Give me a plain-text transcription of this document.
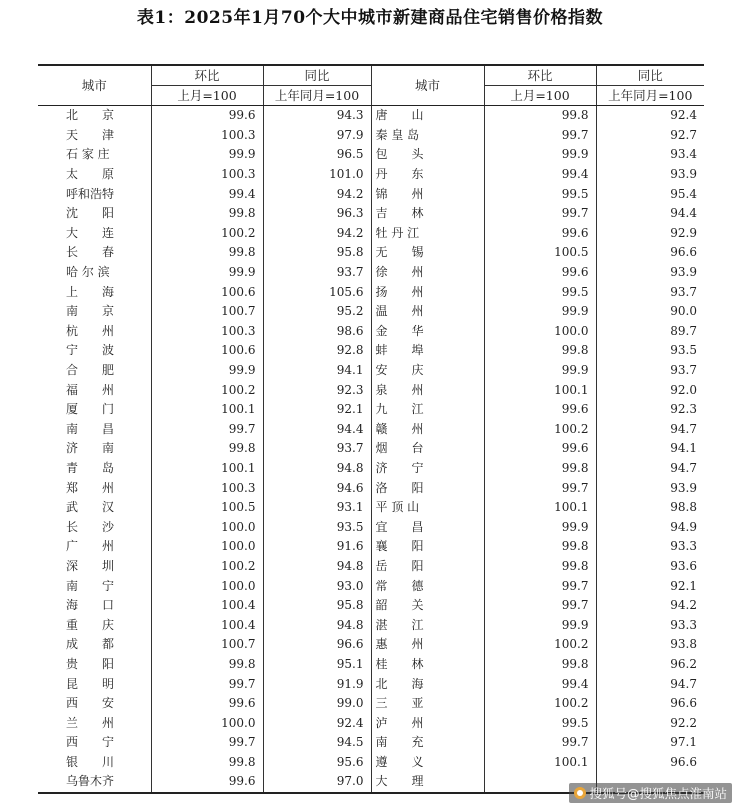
表1：2025年1月70个大中城市新建商品住宅销售价格指数
城市	环比	同比	城市	环比	同比
	上月=100	上年同月=100		上月=100	上年同月=100
北　　京	99.6	94.3	唐　　山	99.8	92.4
天　　津	100.3	97.9	秦 皇 岛	99.7	92.7
石 家 庄	99.9	96.5	包　　头	99.9	93.4
太　　原	100.3	101.0	丹　　东	99.4	93.9
呼和浩特	99.4	94.2	锦　　州	99.5	95.4
沈　　阳	99.8	96.3	吉　　林	99.7	94.4
大　　连	100.2	94.2	牡 丹 江	99.6	92.9
长　　春	99.8	95.8	无　　锡	100.5	96.6
哈 尔 滨	99.9	93.7	徐　　州	99.6	93.9
上　　海	100.6	105.6	扬　　州	99.5	93.7
南　　京	100.7	95.2	温　　州	99.9	90.0
杭　　州	100.3	98.6	金　　华	100.0	89.7
宁　　波	100.6	92.8	蚌　　埠	99.8	93.5
合　　肥	99.9	94.1	安　　庆	99.9	93.7
福　　州	100.2	92.3	泉　　州	100.1	92.0
厦　　门	100.1	92.1	九　　江	99.6	92.3
南　　昌	99.7	94.4	赣　　州	100.2	94.7
济　　南	99.8	93.7	烟　　台	99.6	94.1
青　　岛	100.1	94.8	济　　宁	99.8	94.7
郑　　州	100.3	94.6	洛　　阳	99.7	93.9
武　　汉	100.5	93.1	平 顶 山	100.1	98.8
长　　沙	100.0	93.5	宜　　昌	99.9	94.9
广　　州	100.0	91.6	襄　　阳	99.8	93.3
深　　圳	100.2	94.8	岳　　阳	99.8	93.6
南　　宁	100.0	93.0	常　　德	99.7	92.1
海　　口	100.4	95.8	韶　　关	99.7	94.2
重　　庆	100.4	94.8	湛　　江	99.9	93.3
成　　都	100.7	96.6	惠　　州	100.2	93.8
贵　　阳	99.8	95.1	桂　　林	99.8	96.2
昆　　明	99.7	91.9	北　　海	99.4	94.7
西　　安	99.6	99.0	三　　亚	100.2	96.6
兰　　州	100.0	92.4	泸　　州	99.5	92.2
西　　宁	99.7	94.5	南　　充	99.7	97.1
银　　川	99.8	95.6	遵　　义	100.1	96.6
乌鲁木齐	99.6	97.0	大　　理		
搜狐号@搜狐焦点淮南站
